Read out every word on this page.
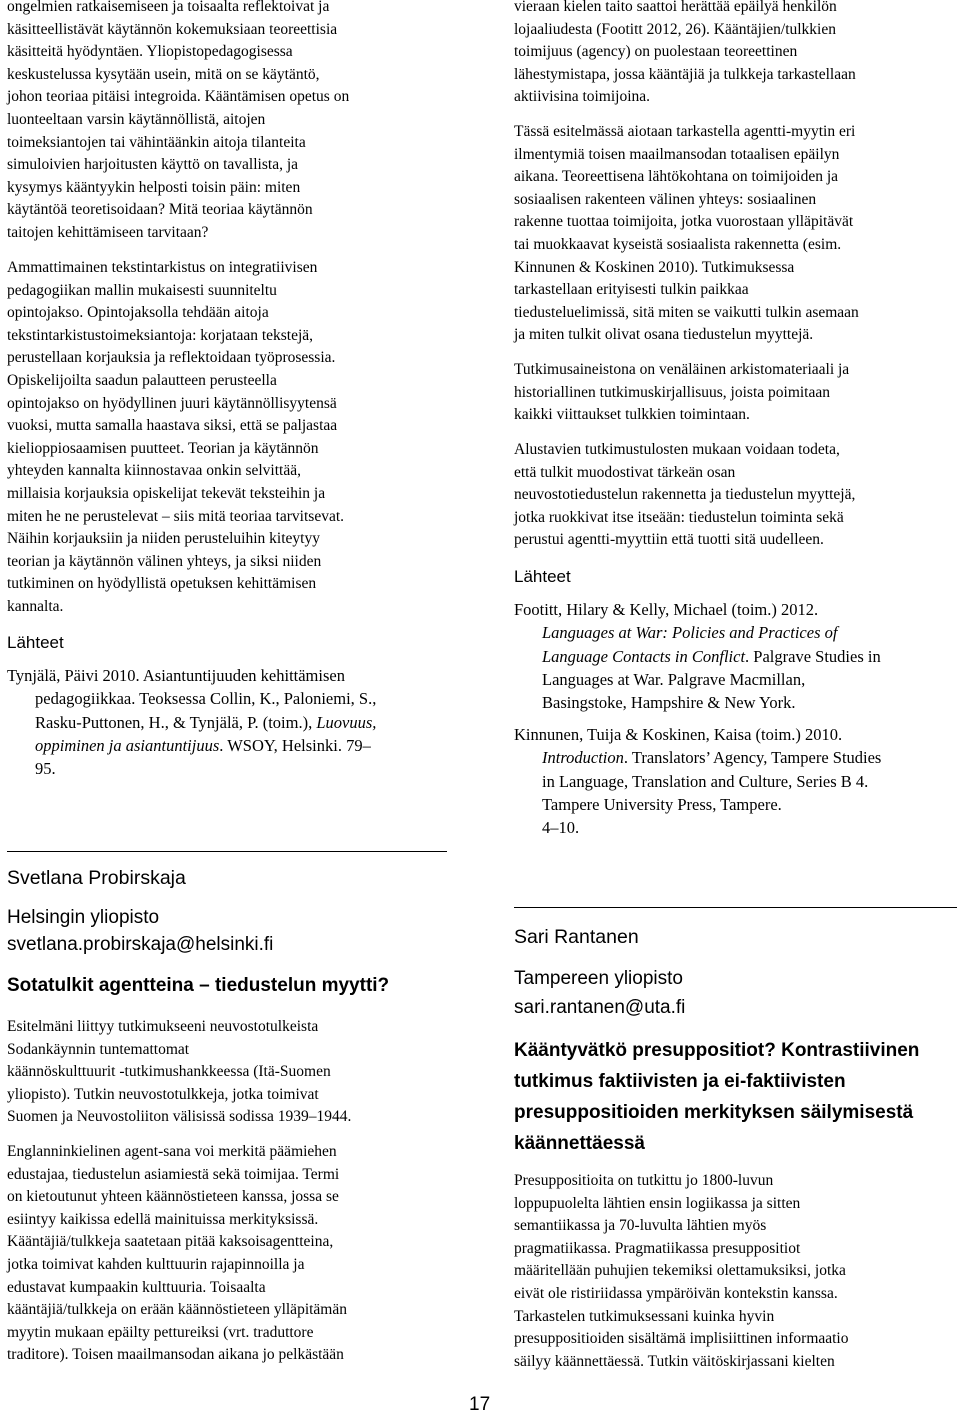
ongelmien ratkaisemiseen ja toisaalta reflektoivat ja
käsitteellistävät käytännön kokemuksiaan teoreettisia
käsitteitä hyödyntäen. Yliopistopedagogisessa
keskustelussa kysytään usein, mitä on se käytäntö,
johon teoriaa pitäisi integroida. Kääntämisen opetus on
luonteeltaan varsin käytännöllistä, aitojen
toimeksiantojen tai vähintäänkin aitoja tilanteita
simuloivien harjoitusten käyttö on tavallista, ja
kysymys kääntyykin helposti toisin päin: miten
käytäntöä teoretisoidaan? Mitä teoriaa käytännön
taitojen kehittämiseen tarvitaan?
Ammattimainen tekstintarkistus on integratiivisen
pedagogiikan mallin mukaisesti suunniteltu
opintojakso. Opintojaksolla tehdään aitoja
tekstintarkistustoimeksiantoja: korjataan tekstejä,
perustellaan korjauksia ja reflektoidaan työprosessia.
Opiskelijoilta saadun palautteen perusteella
opintojakso on hyödyllinen juuri käytännöllisyytensä
vuoksi, mutta samalla haastava siksi, että se paljastaa
kielioppiosaamisen puutteet. Teorian ja käytännön
yhteyden kannalta kiinnostavaa onkin selvittää,
millaisia korjauksia opiskelijat tekevät teksteihin ja
miten he ne perustelevat – siis mitä teoriaa tarvitsevat.
Näihin korjauksiin ja niiden perusteluihin kiteytyy
teorian ja käytännön välinen yhteys, ja siksi niiden
tutkiminen on hyödyllistä opetuksen kehittämisen
kannalta.
Lähteet
Tynjälä, Päivi 2010. Asiantuntijuuden kehittämisen
pedagogiikkaa. Teoksessa Collin, K., Paloniemi, S.,
Rasku-Puttonen, H., & Tynjälä, P. (toim.), Luovuus,
oppiminen ja asiantuntijuus. WSOY, Helsinki. 79–
95.
Svetlana Probirskaja
Helsingin yliopisto
svetlana.probirskaja@helsinki.fi
Sotatulkit agentteina – tiedustelun myytti?
Esitelmäni liittyy tutkimukseeni neuvostotulkeista
Sodankäynnin tuntemattomat
käännöskulttuurit -tutkimushankkeessa (Itä-Suomen
yliopisto). Tutkin neuvostotulkkeja, jotka toimivat
Suomen ja Neuvostoliiton välisissä sodissa 1939–1944.
Englanninkielinen agent-sana voi merkitä päämiehen
edustajaa, tiedustelun asiamiestä sekä toimijaa. Termi
on kietoutunut yhteen käännöstieteen kanssa, jossa se
esiintyy kaikissa edellä mainituissa merkityksissä.
Kääntäjiä/tulkkeja saatetaan pitää kaksoisagentteina,
jotka toimivat kahden kulttuurin rajapinnoilla ja
edustavat kumpaakin kulttuuria. Toisaalta
kääntäjiä/tulkkeja on erään käännöstieteen ylläpitämän
myytin mukaan epäilty pettureiksi (vrt. traduttore
traditore). Toisen maailmansodan aikana jo pelkästään
vieraan kielen taito saattoi herättää epäilyä henkilön
lojaaliudesta (Footitt 2012, 26). Kääntäjien/tulkkien
toimijuus (agency) on puolestaan teoreettinen
lähestymistapa, jossa kääntäjiä ja tulkkeja tarkastellaan
aktiivisina toimijoina.
Tässä esitelmässä aiotaan tarkastella agentti-myytin eri
ilmentymiä toisen maailmansodan totaalisen epäilyn
aikana. Teoreettisena lähtökohtana on toimijoiden ja
sosiaalisen rakenteen välinen yhteys: sosiaalinen
rakenne tuottaa toimijoita, jotka vuorostaan ylläpitävät
tai muokkaavat kyseistä sosiaalista rakennetta (esim.
Kinnunen & Koskinen 2010). Tutkimuksessa
tarkastellaan erityisesti tulkin paikkaa
tiedusteluelimissä, sitä miten se vaikutti tulkin asemaan
ja miten tulkit olivat osana tiedustelun myyttejä.
Tutkimusaineistona on venäläinen arkistomateriaali ja
historiallinen tutkimuskirjallisuus, joista poimitaan
kaikki viittaukset tulkkien toimintaan.
Alustavien tutkimustulosten mukaan voidaan todeta,
että tulkit muodostivat tärkeän osan
neuvostotiedustelun rakennetta ja tiedustelun myyttejä,
jotka ruokkivat itse itseään: tiedustelun toiminta sekä
perustui agentti-myyttiin että tuotti sitä uudelleen.
Lähteet
Footitt, Hilary & Kelly, Michael (toim.) 2012.
Languages at War: Policies and Practices of
Language Contacts in Conflict. Palgrave Studies in
Languages at War. Palgrave Macmillan,
Basingstoke, Hampshire & New York.
Kinnunen, Tuija & Koskinen, Kaisa (toim.) 2010.
Introduction. Translators’ Agency, Tampere Studies
in Language, Translation and Culture, Series B 4.
Tampere University Press, Tampere.
4–10.
Sari Rantanen
Tampereen yliopisto
sari.rantanen@uta.fi
Kääntyvätkö presuppositiot? Kontrastiivinen
tutkimus faktiivisten ja ei-faktiivisten
presuppositioiden merkityksen säilymisestä
käännettäessä
Presuppositioita on tutkittu jo 1800-luvun
loppupuolelta lähtien ensin logiikassa ja sitten
semantiikassa ja 70-luvulta lähtien myös
pragmatiikassa. Pragmatiikassa presuppositiot
määritellään puhujien tekemiksi olettamuksiksi, jotka
eivät ole ristiriidassa ympäröivän kontekstin kanssa.
Tarkastelen tutkimuksessani kuinka hyvin
presuppositioiden sisältämä implisiittinen informaatio
säilyy käännettäessä. Tutkin väitöskirjassani kielten
17
